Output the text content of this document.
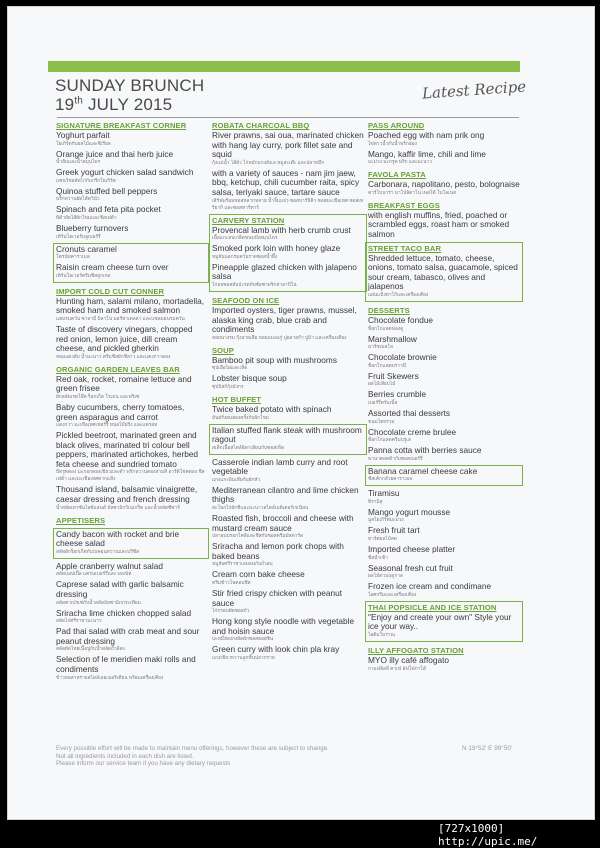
SUNDAY BRUNCH
19th JULY 2015
Latest Recipe
SIGNATURE BREAKFAST CORNER
Yoghurt parfait
โยเกิร์ตกับผลไม้และซีเรียล
Orange juice and thai herb juice
น้ำส้มและน้ำสมุนไพร
Greek yogurt chicken salad sandwich
แซนวิชสลัดไก่กับกรีกโยเกิร์ต
Quinoa stuffed bell peppers
พริกหวานยัดไส้ควินัว
Spinach and feta pita pocket
พิต้ายัดไส้ผักโขมและชีสเฟต้า
Blueberry turnovers
เทิร์นโอเวอร์บลูเบอร์รี่
Cronuts caramel
โครนัทคาราเมล
Raisin cream cheese turn over
เทิร์นโอเวอร์ครีมชีสลูกเกด
IMPORT COLD CUT CONNER
Hunting ham, salami milano, mortadella, smoked ham and smoked salmon
แฮมรมควัน ซาลามี่ มิลาโน่ มอร์ทาเดลล่า และแซลมอนรมควัน
Taste of discovery vinegars, chopped red onion, lemon juice, dill cream cheese, and pickled gherkin
หอมแดงสับ น้ำมะนาว ครีมชีสผักชีลาว และแตงกวาดอง
ORGANIC GARDEN LEAVES BAR
Red oak, rocket, romaine lettuce and green frisee
ผักสลัดเรดโอ๊ค ร็อกเก็ต โรเมน และฟริเซ่
Baby cucumbers, cherry tomatoes, green asparagus and carrot
แตงกวา มะเขือเทศเชอร์รี่ หน่อไม้ฝรั่ง และแครอท
Pickled beetroot, marinated green and black olives, marinated tri colour bell peppers, marinated artichokes, herbed feta cheese and sundried tomato
บีทรูทดอง มะกอกดองเขียวและดำ พริกหวานดองสามสี อาร์ติโชคดอง ชีสเฟต้า และมะเขือเทศตากแห้ง
Thousand island, balsamic vinaigrette, caesar dressing and french dressing
น้ำสลัดเทาซันไอซ์แลนด์ บัลซามิกวิเนเกร็ต และน้ำสลัดซีซาร์
APPETISERS
Candy bacon with rocket and brie cheese salad
สลัดผักร็อกเก็ตกับเบคอนหวานและบรีชีส
Apple cranberry walnut salad
สลัดแอปเปิ้ล แครนเบอร์รี่และวอลนัท
Caprese salad with garlic balsamic dressing
สลัดคาเปรเซ่กับน้ำสลัดบัลซามิกกระเทียม
Sriracha lime chicken chopped salad
สลัดไก่ศรีราชามะนาว
Pad thai salad with crab meat and sour peanut dressing
สลัดผัดไทยเนื้อปูกับน้ำสลัดถั่วลิสง
Selection of le meridien maki rolls and condiments
ข้าวห่อสาหร่ายสไตล์เลอเมอริเดียน พร้อมเครื่องเคียง
ROBATA CHARCOAL BBQ
River prawns, sai oua, marinated chicken with hang lay curry, pork fillet sate and squid
กุ้งแม่น้ำ ไส้อั่ว ไก่หมักแกงฮังเล หมูสะเต๊ะ และปลาหมึก
with a variety of sauces - nam jim jaew, bbq, ketchup, chili cucumber raita, spicy salsa, teriyaki sauce, tartare sauce
เสิร์ฟพร้อมซอสหลากหลาย น้ำจิ้มแจ่ว ซอสบาร์บีคิว ซอสมะเขือเทศ ซอสเทริยากิ และซอสทาร์ทาร์
CARVERY STATION
Provencal lamb with herb crumb crust
เนื้อแกะอบเกล็ดขนมปังสมุนไพร
Smoked pork loin with honey glaze
หมูสันนอกรมควันราดซอสน้ำผึ้ง
Pineapple glazed chicken with jalapeno salsa
ไก่อบซอสสับปะรดกับซัลซ่าพริกฮาลาปิโน่
SEAFOOD ON ICE
Imported oysters, tiger prawns, mussel, alaska king crab, blue crab and condiments
หอยนางรม กุ้งลายเสือ หอยแมลงภู่ ปูอลาสก้า ปูม้า และเครื่องเคียง
SOUP
Bamboo pit soup with mushrooms
ซุปเยื่อไผ่และเห็ด
Lobster bisque soup
ซุปบิสก์กุ้งมังกร
HOT BUFFET
Twice baked potato with spinach
มันฝรั่งอบสองครั้งกับผักโขม
Italian stuffed flank steak with mushroom ragout
สเต็กเนื้อสไตล์อิตาเลียนกับซอสเห็ด
Casserole indian lamb curry and root vegetable
แกงแกะอินเดียกับผักหัว
Mediterranean cilantro and lime chicken thighs
สะโพกไก่ผักชีและมะนาวสไตล์เมดิเตอร์เรเนียน
Roasted fish, broccoli and cheese with mustard cream sauce
ปลาอบบรอกโคลีและชีสกับซอสครีมมัสตาร์ด
Sriracha and lemon pork chops with baked beans
หมูสับศรีราชาเลมอนกับถั่วอบ
Cream corn bake cheese
ครีมข้าวโพดอบชีส
Stir fried crispy chicken with peanut sauce
ไก่กรอบผัดซอสถั่ว
Hong kong style noodle with vegetable and hoisin sauce
บะหมี่ฮ่องกงผัดผักซอสฮอยซิน
Green curry with look chin pla kray
แกงเขียวหวานลูกชิ้นปลากราย
PASS AROUND
Poached egg with nam prik ong
ไข่ดาวน้ำกับน้ำพริกอ่อง
Mango, kaffir lime, chili and lime
มะม่วง มะกรูด พริก และมะนาว
FAVOLA PASTA
Carbonara, napolitano, pesto, bolognaise
คาร์โบนาร่า นาโปลิตาโน่ เพสโต้ โบโลเนส
BREAKFAST EGGS
with english muffins, fried, poached or scrambled eggs, roast ham or smoked salmon
STREET TACO BAR
Shredded lettuce, tomato, cheese, onions, tomato salsa, guacamole, spiced sour cream, tabasco, olives and jalapenos
แผ่นแป้งทาโก้และเครื่องเคียง
DESSERTS
Chocolate fondue
ช็อกโกแลตฟองดู
Marshmallow
มาร์ชเมลโล
Chocolate brownie
ช็อกโกแลตบราวนี่
Fruit Skewers
ผลไม้เสียบไม้
Berries crumble
เบอร์รี่ครัมเบิ้ล
Assorted thai desserts
ขนมไทยรวม
Chocolate creme brulee
ช็อกโกแลตครีมบรูเล่
Panna cotta with berries sauce
พานาคอตต้ากับซอสเบอร์รี่
Banana caramel cheese cake
ชีสเค้กกล้วยคาราเมล
Tiramisu
ทิรามิสุ
Mango yogurt mousse
มูสโยเกิร์ตมะม่วง
Fresh fruit tart
ทาร์ตผลไม้สด
Imported cheese platter
ชีสนำเข้า
Seasonal fresh cut fruit
ผลไม้ตามฤดูกาล
Frozen ice cream and condimane
ไอศกรีมและเครื่องเคียง
THAI POPSICLE AND ICE STATION
"Enjoy and create your own" Style your ice your way..
ไอติมโบราณ
ILLY AFFOGATO STATION
MYO illy café affogato
กาแฟอิลลี่ คาเฟ่ อัฟโฟกาโต้
Every possible effort will be made to maintain menu offerings, however these are subject to change.
Not all ingredients included in each dish are listed.
Please inform our service team if you have any dietary requests
N 19°52' E 99°50'
[727x1000] http://upic.me/
